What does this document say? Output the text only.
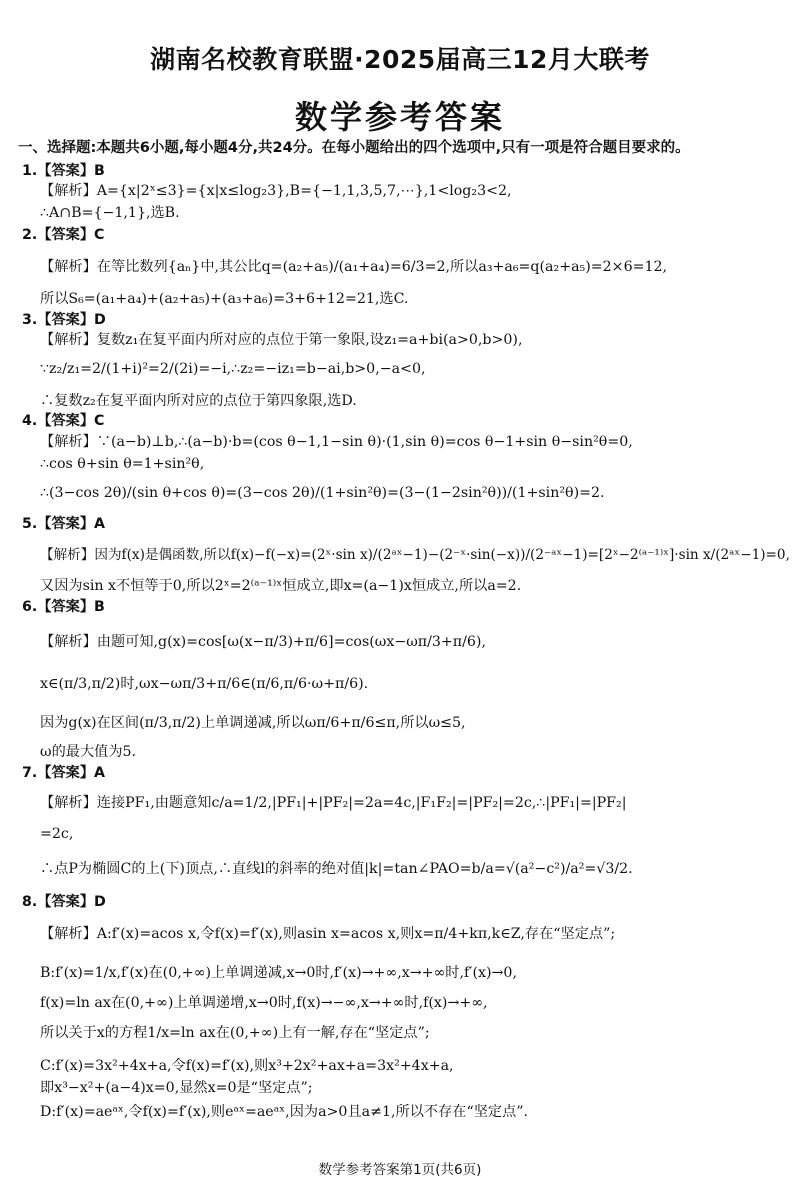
湖南名校教育联盟·2025届高三12月大联考
数学参考答案
一、选择题:本题共6小题,每小题4分,共24分。在每小题给出的四个选项中,只有一项是符合题目要求的。
1.【答案】B
【解析】A={x|2ˣ≤3}={x|x≤log₂3},B={−1,1,3,5,7,⋯},1<log₂3<2,
∴A∩B={−1,1},选B.
2.【答案】C
【解析】在等比数列{aₙ}中,其公比q=(a₂+a₅)/(a₁+a₄)=6/3=2,所以a₃+a₆=q(a₂+a₅)=2×6=12,
所以S₆=(a₁+a₄)+(a₂+a₅)+(a₃+a₆)=3+6+12=21,选C.
3.【答案】D
【解析】复数z₁在复平面内所对应的点位于第一象限,设z₁=a+bi(a>0,b>0),
∵z₂/z₁=2/(1+i)²=2/(2i)=−i,∴z₂=−iz₁=b−ai,b>0,−a<0,
∴复数z₂在复平面内所对应的点位于第四象限,选D.
4.【答案】C
【解析】∵(a−b)⊥b,∴(a−b)·b=(cos θ−1,1−sin θ)·(1,sin θ)=cos θ−1+sin θ−sin²θ=0,
∴cos θ+sin θ=1+sin²θ,
∴(3−cos 2θ)/(sin θ+cos θ)=(3−cos 2θ)/(1+sin²θ)=(3−(1−2sin²θ))/(1+sin²θ)=2.
5.【答案】A
【解析】因为f(x)是偶函数,所以f(x)−f(−x)=(2ˣ·sin x)/(2ᵃˣ−1)−(2⁻ˣ·sin(−x))/(2⁻ᵃˣ−1)=[2ˣ−2⁽ᵃ⁻¹⁾ˣ]·sin x/(2ᵃˣ−1)=0,
又因为sin x不恒等于0,所以2ˣ=2⁽ᵃ⁻¹⁾ˣ恒成立,即x=(a−1)x恒成立,所以a=2.
6.【答案】B
【解析】由题可知,g(x)=cos[ω(x−π/3)+π/6]=cos(ωx−ωπ/3+π/6),
x∈(π/3,π/2)时,ωx−ωπ/3+π/6∈(π/6,π/6·ω+π/6).
因为g(x)在区间(π/3,π/2)上单调递减,所以ωπ/6+π/6≤π,所以ω≤5,
ω的最大值为5.
7.【答案】A
【解析】连接PF₁,由题意知c/a=1/2,|PF₁|+|PF₂|=2a=4c,|F₁F₂|=|PF₂|=2c,∴|PF₁|=|PF₂|
=2c,
∴点P为椭圆C的上(下)顶点,∴直线l的斜率的绝对值|k|=tan∠PAO=b/a=√(a²−c²)/a²=√3/2.
8.【答案】D
【解析】A:f′(x)=acos x,令f(x)=f′(x),则asin x=acos x,则x=π/4+kπ,k∈Z,存在“坚定点”;
B:f′(x)=1/x,f′(x)在(0,+∞)上单调递减,x→0时,f′(x)→+∞,x→+∞时,f′(x)→0,
f(x)=ln ax在(0,+∞)上单调递增,x→0时,f(x)→−∞,x→+∞时,f(x)→+∞,
所以关于x的方程1/x=ln ax在(0,+∞)上有一解,存在“坚定点”;
C:f′(x)=3x²+4x+a,令f(x)=f′(x),则x³+2x²+ax+a=3x²+4x+a,
即x³−x²+(a−4)x=0,显然x=0是“坚定点”;
D:f′(x)=aeᵃˣ,令f(x)=f′(x),则eᵃˣ=aeᵃˣ,因为a>0且a≠1,所以不存在“坚定点”.
数学参考答案第1页(共6页)
